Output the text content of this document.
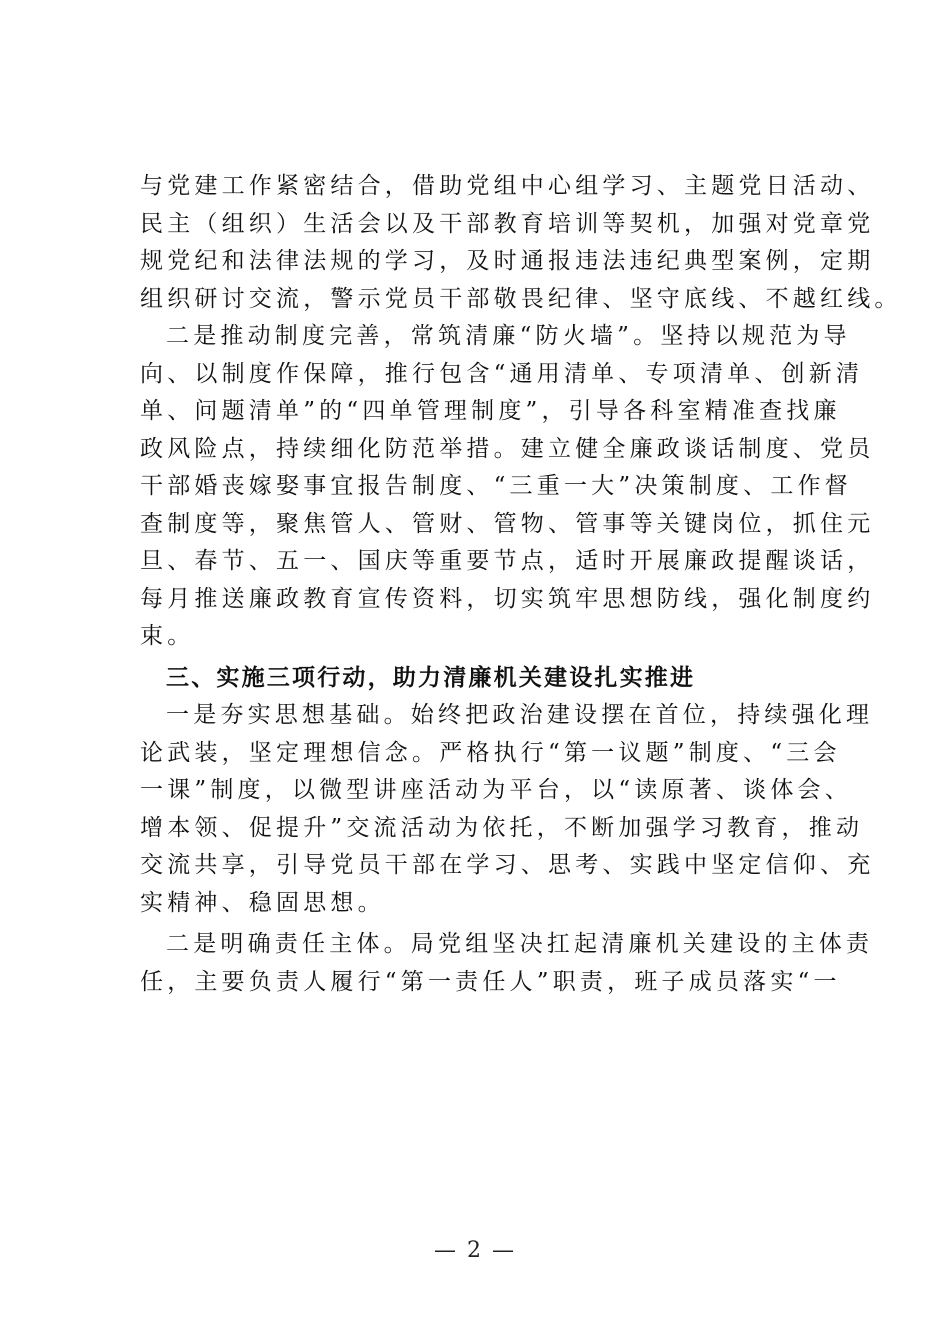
与党建工作紧密结合，借助党组中心组学习、主题党日活动、
民主（组织）生活会以及干部教育培训等契机，加强对党章党
规党纪和法律法规的学习，及时通报违法违纪典型案例，定期
组织研讨交流，警示党员干部敬畏纪律、坚守底线、不越红线。
二是推动制度完善，常筑清廉“防火墙”。坚持以规范为导
向、以制度作保障，推行包含“通用清单、专项清单、创新清
单、问题清单”的“四单管理制度”，引导各科室精准查找廉
政风险点，持续细化防范举措。建立健全廉政谈话制度、党员
干部婚丧嫁娶事宜报告制度、“三重一大”决策制度、工作督
查制度等，聚焦管人、管财、管物、管事等关键岗位，抓住元
旦、春节、五一、国庆等重要节点，适时开展廉政提醒谈话，
每月推送廉政教育宣传资料，切实筑牢思想防线，强化制度约
束。
三、实施三项行动，助力清廉机关建设扎实推进
一是夯实思想基础。始终把政治建设摆在首位，持续强化理
论武装，坚定理想信念。严格执行“第一议题”制度、“三会
一课”制度，以微型讲座活动为平台，以“读原著、谈体会、
增本领、促提升”交流活动为依托，不断加强学习教育，推动
交流共享，引导党员干部在学习、思考、实践中坚定信仰、充
实精神、稳固思想。
二是明确责任主体。局党组坚决扛起清廉机关建设的主体责
任，主要负责人履行“第一责任人”职责，班子成员落实“一
— 2 —
